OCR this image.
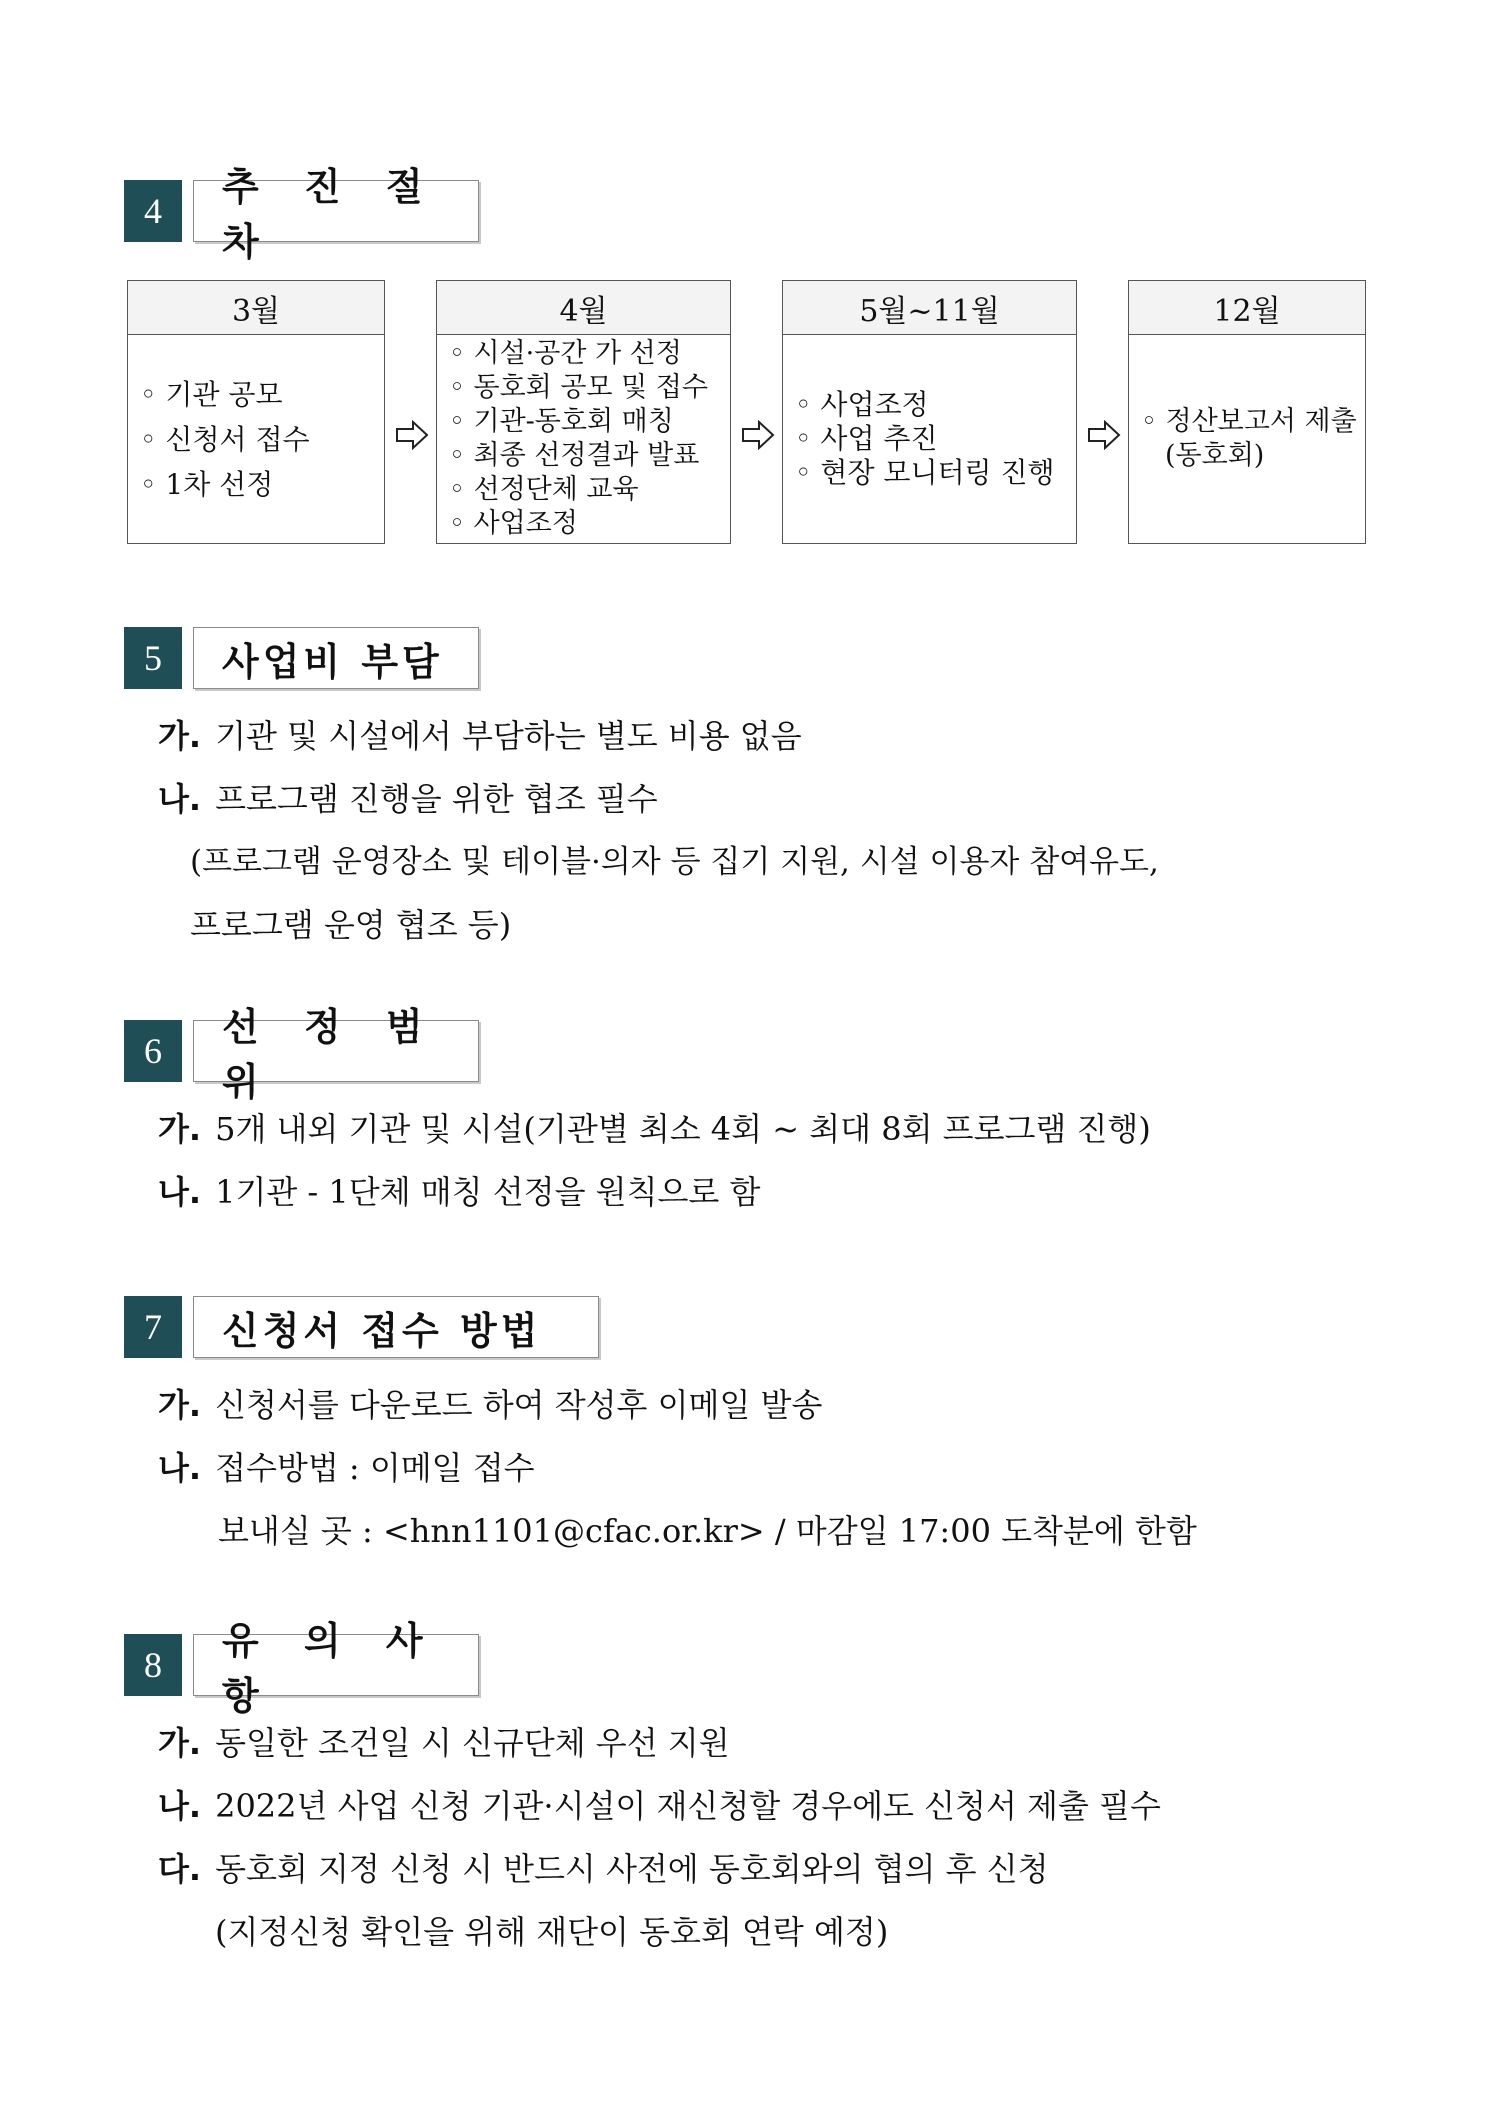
4
추 진 절 차
3월
◦ 기관 공모
◦ 신청서 접수
◦ 1차 선정
4월
◦ 시설·공간 가 선정
◦ 동호회 공모 및 접수
◦ 기관-동호회 매칭
◦ 최종 선정결과 발표
◦ 선정단체 교육
◦ 사업조정
5월~11월
◦ 사업조정
◦ 사업 추진
◦ 현장 모니터링 진행
12월
◦ 정산보고서 제출
(동호회)
5	사업비 부담
가. 기관 및 시설에서 부담하는 별도 비용 없음
나. 프로그램 진행을 위한 협조 필수
(프로그램 운영장소 및 테이블·의자 등 집기 지원, 시설 이용자 참여유도,
프로그램 운영 협조 등)
6
선 정 범 위
가. 5개 내외 기관 및 시설(기관별 최소 4회 ~ 최대 8회 프로그램 진행)
나. 1기관 - 1단체 매칭 선정을 원칙으로 함
7	신청서 접수 방법
가. 신청서를 다운로드 하여 작성후 이메일 발송
나. 접수방법 : 이메일 접수
보내실 곳 : <hnn1101@cfac.or.kr> / 마감일 17:00 도착분에 한함
8
유 의 사 항
가. 동일한 조건일 시 신규단체 우선 지원
나. 2022년 사업 신청 기관·시설이 재신청할 경우에도 신청서 제출 필수
다. 동호회 지정 신청 시 반드시 사전에 동호회와의 협의 후 신청
(지정신청 확인을 위해 재단이 동호회 연락 예정)
